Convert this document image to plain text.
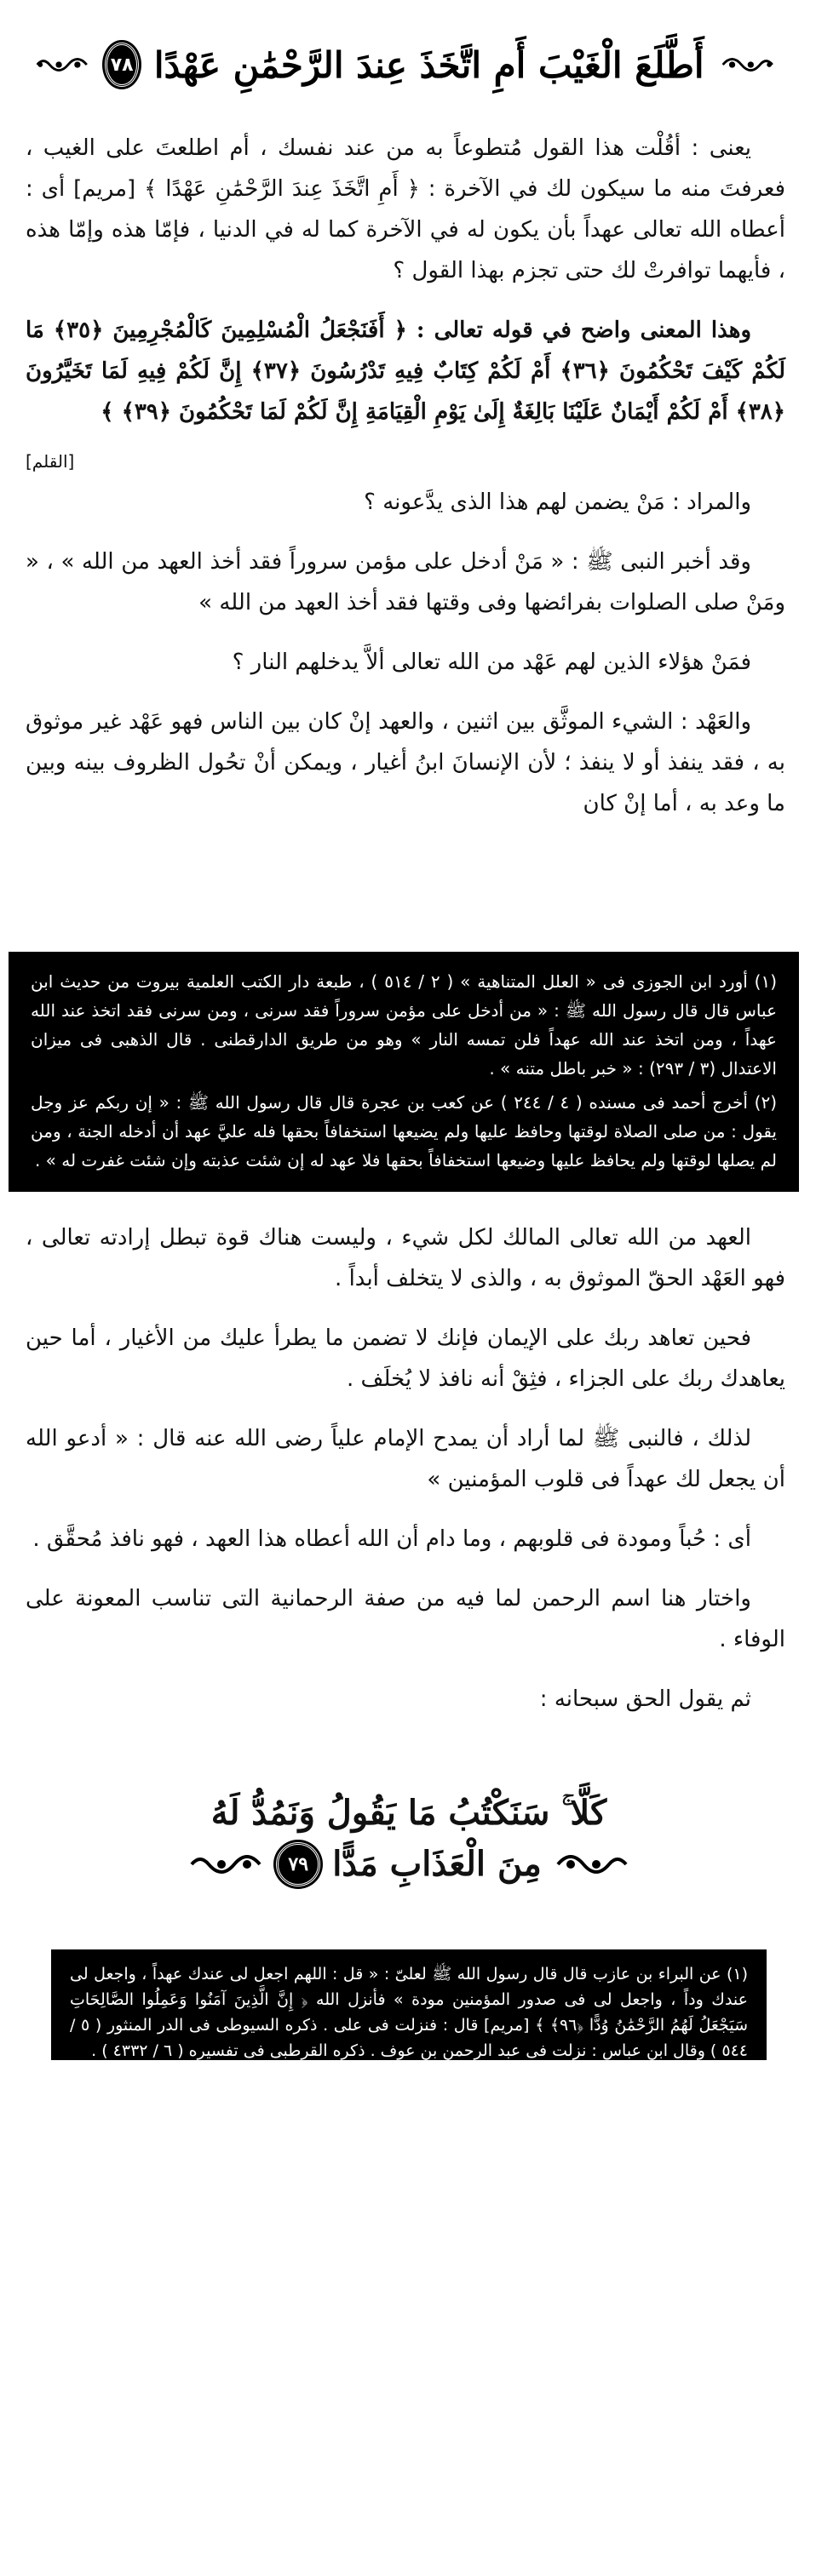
أَطَّلَعَ الْغَيْبَ أَمِ اتَّخَذَ عِندَ الرَّحْمَٰنِ عَهْدًا
٧٨

يعنى : أقُلْت هذا القول مُتطوعاً به من عند نفسك ، أم اطلعتَ على الغيب ، فعرفتَ منه ما سيكون لك في الآخرة : ﴿ أَمِ اتَّخَذَ عِندَ الرَّحْمَٰنِ عَهْدًا ﴾ [مريم] أى : أعطاه الله تعالى عهداً بأن يكون له في الآخرة كما له في الدنيا ، فإمّا هذه وإمّا هذه ، فأيهما توافرتْ لك حتى تجزم بهذا القول ؟

وهذا المعنى واضح في قوله تعالى : ﴿ أَفَنَجْعَلُ الْمُسْلِمِينَ كَالْمُجْرِمِينَ ﴿٣٥﴾ مَا لَكُمْ كَيْفَ تَحْكُمُونَ ﴿٣٦﴾ أَمْ لَكُمْ كِتَابٌ فِيهِ تَدْرُسُونَ ﴿٣٧﴾ إِنَّ لَكُمْ فِيهِ لَمَا تَخَيَّرُونَ ﴿٣٨﴾ أَمْ لَكُمْ أَيْمَانٌ عَلَيْنَا بَالِغَةٌ إِلَىٰ يَوْمِ الْقِيَامَةِ إِنَّ لَكُمْ لَمَا تَحْكُمُونَ ﴿٣٩﴾ ﴾

[القلم]

والمراد : مَنْ يضمن لهم هذا الذى يدَّعونه ؟

وقد أخبر النبى ﷺ : « مَنْ أدخل على مؤمن سروراً فقد أخذ العهد من الله » ، « ومَنْ صلى الصلوات بفرائضها وفى وقتها فقد أخذ العهد من الله »

فمَنْ هؤلاء الذين لهم عَهْد من الله تعالى ألاَّ يدخلهم النار ؟

والعَهْد : الشيء الموثَّق بين اثنين ، والعهد إنْ كان بين الناس فهو عَهْد غير موثوق به ، فقد ينفذ أو لا ينفذ ؛ لأن الإنسانَ ابنُ أغيار ، ويمكن أنْ تحُول الظروف بينه وبين ما وعد به ، أما إنْ كان

(١) أورد ابن الجوزى فى « العلل المتناهية » ( ٢ / ٥١٤ ) ، طبعة دار الكتب العلمية بيروت من حديث ابن عباس قال قال رسول الله ﷺ : « من أدخل على مؤمن سروراً فقد سرنى ، ومن سرنى فقد اتخذ عند الله عهداً ، ومن اتخذ عند الله عهداً فلن تمسه النار » وهو من طريق الدارقطنى . قال الذهبى فى ميزان الاعتدال (٣ / ٢٩٣) : « خبر باطل متنه » .

(٢) أخرج أحمد فى مسنده ( ٤ / ٢٤٤ ) عن كعب بن عجرة قال قال رسول الله ﷺ : « إن ربكم عز وجل يقول : من صلى الصلاة لوقتها وحافظ عليها ولم يضيعها استخفافاً بحقها فله عليَّ عهد أن أدخله الجنة ، ومن لم يصلها لوقتها ولم يحافظ عليها وضيعها استخفافاً بحقها فلا عهد له إن شئت عذبته وإن شئت غفرت له » .

العهد من الله تعالى المالك لكل شيء ، وليست هناك قوة تبطل إرادته تعالى ، فهو العَهْد الحقّ الموثوق به ، والذى لا يتخلف أبداً .

فحين تعاهد ربك على الإيمان فإنك لا تضمن ما يطرأ عليك من الأغيار ، أما حين يعاهدك ربك على الجزاء ، فثِقْ أنه نافذ لا يُخلَف .

لذلك ، فالنبى ﷺ لما أراد أن يمدح الإمام علياً رضى الله عنه قال : « أدعو الله أن يجعل لك عهداً فى قلوب المؤمنين »

أى : حُباً ومودة فى قلوبهم ، وما دام أن الله أعطاه هذا العهد ، فهو نافذ مُحقَّق .

واختار هنا اسم الرحمن لما فيه من صفة الرحمانية التى تناسب المعونة على الوفاء .

ثم يقول الحق سبحانه :

كَلَّا ۚ سَنَكْتُبُ مَا يَقُولُ وَنَمُدُّ لَهُ
مِنَ الْعَذَابِ مَدًّا
٧٩

(١) عن البراء بن عازب قال قال رسول الله ﷺ لعلىّ : « قل : اللهم اجعل لى عندك عهداً ، واجعل لى عندك وداً ، واجعل لى فى صدور المؤمنين مودة » فأنزل الله ﴿ إِنَّ الَّذِينَ آمَنُوا وَعَمِلُوا الصَّالِحَاتِ سَيَجْعَلُ لَهُمُ الرَّحْمَٰنُ وُدًّا ﴿٩٦﴾ ﴾ [مريم] قال : فنزلت فى على . ذكره السيوطى فى الدر المنثور ( ٥ / ٥٤٤ ) وقال ابن عباس : نزلت فى عبد الرحمن بن عوف . ذكره القرطبى فى تفسيره ( ٦ / ٤٣٣٢ ) .
